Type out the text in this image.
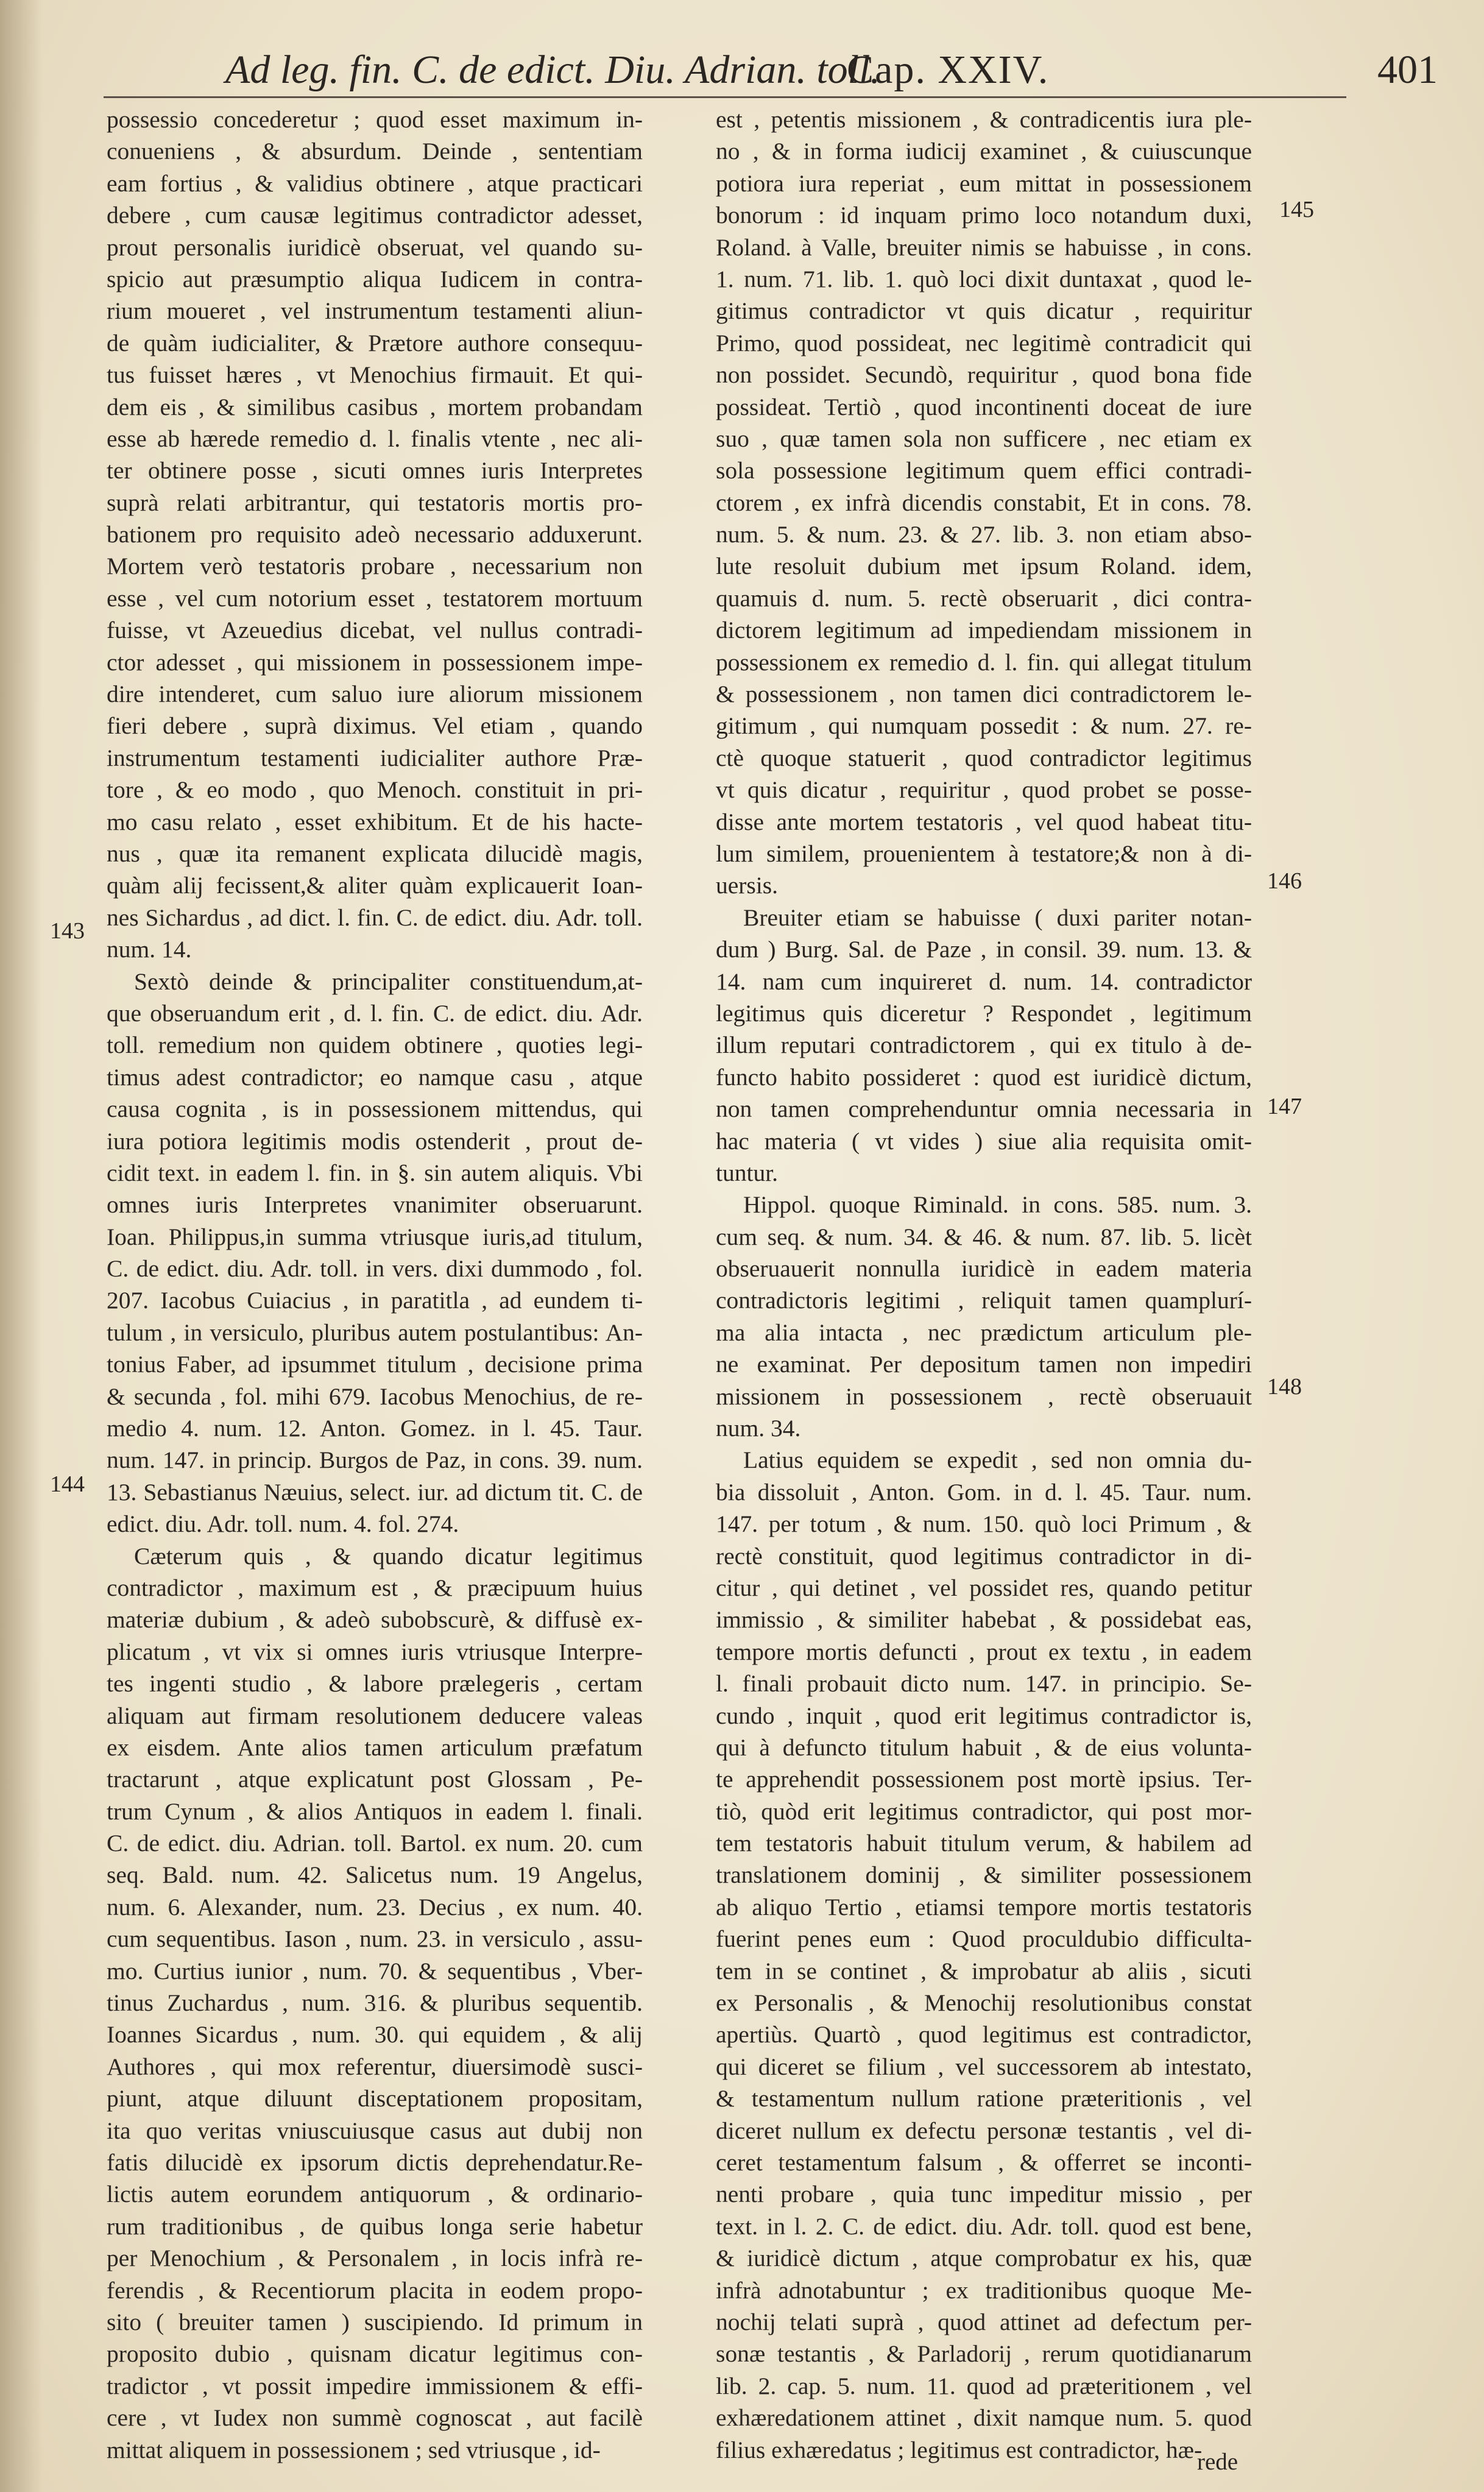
Ad leg. fin. C. de edict. Diu. Adrian. toll.
Cap. XXIV.	401
possessio concederetur ; quod esset maximum in-
conueniens , & absurdum. Deinde , sententiam
eam fortius , & validius obtinere , atque practicari
debere , cum causæ legitimus contradictor adesset,
prout personalis iuridicè obseruat, vel quando su-
spicio aut præsumptio aliqua Iudicem in contra-
rium moueret , vel instrumentum testamenti aliun-
de quàm iudicialiter, & Prætore authore consequu-
tus fuisset hæres , vt Menochius firmauit. Et qui-
dem eis , & similibus casibus , mortem probandam
esse ab hærede remedio d. l. finalis vtente , nec ali-
ter obtinere posse , sicuti omnes iuris Interpretes
suprà relati arbitrantur, qui testatoris mortis pro-
bationem pro requisito adeò necessario adduxerunt.
Mortem verò testatoris probare , necessarium non
esse , vel cum notorium esset , testatorem mortuum
fuisse, vt Azeuedius dicebat, vel nullus contradi-
ctor adesset , qui missionem in possessionem impe-
dire intenderet, cum saluo iure aliorum missionem
fieri debere , suprà diximus. Vel etiam , quando
instrumentum testamenti iudicialiter authore Præ-
tore , & eo modo , quo Menoch. constituit in pri-
mo casu relato , esset exhibitum. Et de his hacte-
nus , quæ ita remanent explicata dilucidè magis,
quàm alij fecissent,& aliter quàm explicauerit Ioan-
nes Sichardus , ad dict. l. fin. C. de edict. diu. Adr. toll.
num. 14.
Sextò deinde & principaliter constituendum,at-
que obseruandum erit , d. l. fin. C. de edict. diu. Adr.
toll. remedium non quidem obtinere , quoties legi-
timus adest contradictor; eo namque casu , atque
causa cognita , is in possessionem mittendus, qui
iura potiora legitimis modis ostenderit , prout de-
cidit text. in eadem l. fin. in §. sin autem aliquis. Vbi
omnes iuris Interpretes vnanimiter obseruarunt.
Ioan. Philippus,in summa vtriusque iuris,ad titulum,
C. de edict. diu. Adr. toll. in vers. dixi dummodo , fol.
207. Iacobus Cuiacius , in paratitla , ad eundem ti-
tulum , in versiculo, pluribus autem postulantibus: An-
tonius Faber, ad ipsummet titulum , decisione prima
& secunda , fol. mihi 679. Iacobus Menochius, de re-
medio 4. num. 12. Anton. Gomez. in l. 45. Taur.
num. 147. in princip. Burgos de Paz, in cons. 39. num.
13. Sebastianus Næuius, select. iur. ad dictum tit. C. de
edict. diu. Adr. toll. num. 4. fol. 274.
Cæterum quis , & quando dicatur legitimus
contradictor , maximum est , & præcipuum huius
materiæ dubium , & adeò subobscurè, & diffusè ex-
plicatum , vt vix si omnes iuris vtriusque Interpre-
tes ingenti studio , & labore prælegeris , certam
aliquam aut firmam resolutionem deducere valeas
ex eisdem. Ante alios tamen articulum præfatum
tractarunt , atque explicatunt post Glossam , Pe-
trum Cynum , & alios Antiquos in eadem l. finali.
C. de edict. diu. Adrian. toll. Bartol. ex num. 20. cum
seq. Bald. num. 42. Salicetus num. 19 Angelus,
num. 6. Alexander, num. 23. Decius , ex num. 40.
cum sequentibus. Iason , num. 23. in versiculo , assu-
mo. Curtius iunior , num. 70. & sequentibus , Vber-
tinus Zuchardus , num. 316. & pluribus sequentib.
Ioannes Sicardus , num. 30. qui equidem , & alij
Authores , qui mox referentur, diuersimodè susci-
piunt, atque diluunt disceptationem propositam,
ita quo veritas vniuscuiusque casus aut dubij non
fatis dilucidè ex ipsorum dictis deprehendatur.Re-
lictis autem eorundem antiquorum , & ordinario-
rum traditionibus , de quibus longa serie habetur
per Menochium , & Personalem , in locis infrà re-
ferendis , & Recentiorum placita in eodem propo-
sito ( breuiter tamen ) suscipiendo. Id primum in
proposito dubio , quisnam dicatur legitimus con-
tradictor , vt possit impedire immissionem & effi-
cere , vt Iudex non summè cognoscat , aut facilè
mittat aliquem in possessionem ; sed vtriusque , id-
est , petentis missionem , & contradicentis iura ple-
no , & in forma iudicij examinet , & cuiuscunque
potiora iura reperiat , eum mittat in possessionem
bonorum : id inquam primo loco notandum duxi,
Roland. à Valle, breuiter nimis se habuisse , in cons.
1. num. 71. lib. 1. quò loci dixit duntaxat , quod le-
gitimus contradictor vt quis dicatur , requiritur
Primo, quod possideat, nec legitimè contradicit qui
non possidet. Secundò, requiritur , quod bona fide
possideat. Tertiò , quod incontinenti doceat de iure
suo , quæ tamen sola non sufficere , nec etiam ex
sola possessione legitimum quem effici contradi-
ctorem , ex infrà dicendis constabit, Et in cons. 78.
num. 5. & num. 23. & 27. lib. 3. non etiam abso-
lute resoluit dubium met ipsum Roland. idem,
quamuis d. num. 5. rectè obseruarit , dici contra-
dictorem legitimum ad impediendam missionem in
possessionem ex remedio d. l. fin. qui allegat titulum
& possessionem , non tamen dici contradictorem le-
gitimum , qui numquam possedit : & num. 27. re-
ctè quoque statuerit , quod contradictor legitimus
vt quis dicatur , requiritur , quod probet se posse-
disse ante mortem testatoris , vel quod habeat titu-
lum similem, prouenientem à testatore;& non à di-
uersis.
Breuiter etiam se habuisse ( duxi pariter notan-
dum ) Burg. Sal. de Paze , in consil. 39. num. 13. &
14. nam cum inquireret d. num. 14. contradictor
legitimus quis diceretur ? Respondet , legitimum
illum reputari contradictorem , qui ex titulo à de-
functo habito possideret : quod est iuridicè dictum,
non tamen comprehenduntur omnia necessaria in
hac materia ( vt vides ) siue alia requisita omit-
tuntur.
Hippol. quoque Riminald. in cons. 585. num. 3.
cum seq. & num. 34. & 46. & num. 87. lib. 5. licèt
obseruauerit nonnulla iuridicè in eadem materia
contradictoris legitimi , reliquit tamen quamplurí-
ma alia intacta , nec prædictum articulum ple-
ne examinat. Per depositum tamen non impediri
missionem in possessionem , rectè obseruauit
num. 34.
Latius equidem se expedit , sed non omnia du-
bia dissoluit , Anton. Gom. in d. l. 45. Taur. num.
147. per totum , & num. 150. quò loci Primum , &
rectè constituit, quod legitimus contradictor in di-
citur , qui detinet , vel possidet res, quando petitur
immissio , & similiter habebat , & possidebat eas,
tempore mortis defuncti , prout ex textu , in eadem
l. finali probauit dicto num. 147. in principio. Se-
cundo , inquit , quod erit legitimus contradictor is,
qui à defuncto titulum habuit , & de eius volunta-
te apprehendit possessionem post mortè ipsius. Ter-
tiò, quòd erit legitimus contradictor, qui post mor-
tem testatoris habuit titulum verum, & habilem ad
translationem dominij , & similiter possessionem
ab aliquo Tertio , etiamsi tempore mortis testatoris
fuerint penes eum : Quod proculdubio difficulta-
tem in se continet , & improbatur ab aliis , sicuti
ex Personalis , & Menochij resolutionibus constat
apertiùs. Quartò , quod legitimus est contradictor,
qui diceret se filium , vel successorem ab intestato,
& testamentum nullum ratione præteritionis , vel
diceret nullum ex defectu personæ testantis , vel di-
ceret testamentum falsum , & offerret se inconti-
nenti probare , quia tunc impeditur missio , per
text. in l. 2. C. de edict. diu. Adr. toll. quod est bene,
& iuridicè dictum , atque comprobatur ex his, quæ
infrà adnotabuntur ; ex traditionibus quoque Me-
nochij telati suprà , quod attinet ad defectum per-
sonæ testantis , & Parladorij , rerum quotidianarum
lib. 2. cap. 5. num. 11. quod ad præteritionem , vel
exhæredationem attinet , dixit namque num. 5. quod
filius exhæredatus ; legitimus est contradictor, hæ-
143
144
145
146
147
148
rede
